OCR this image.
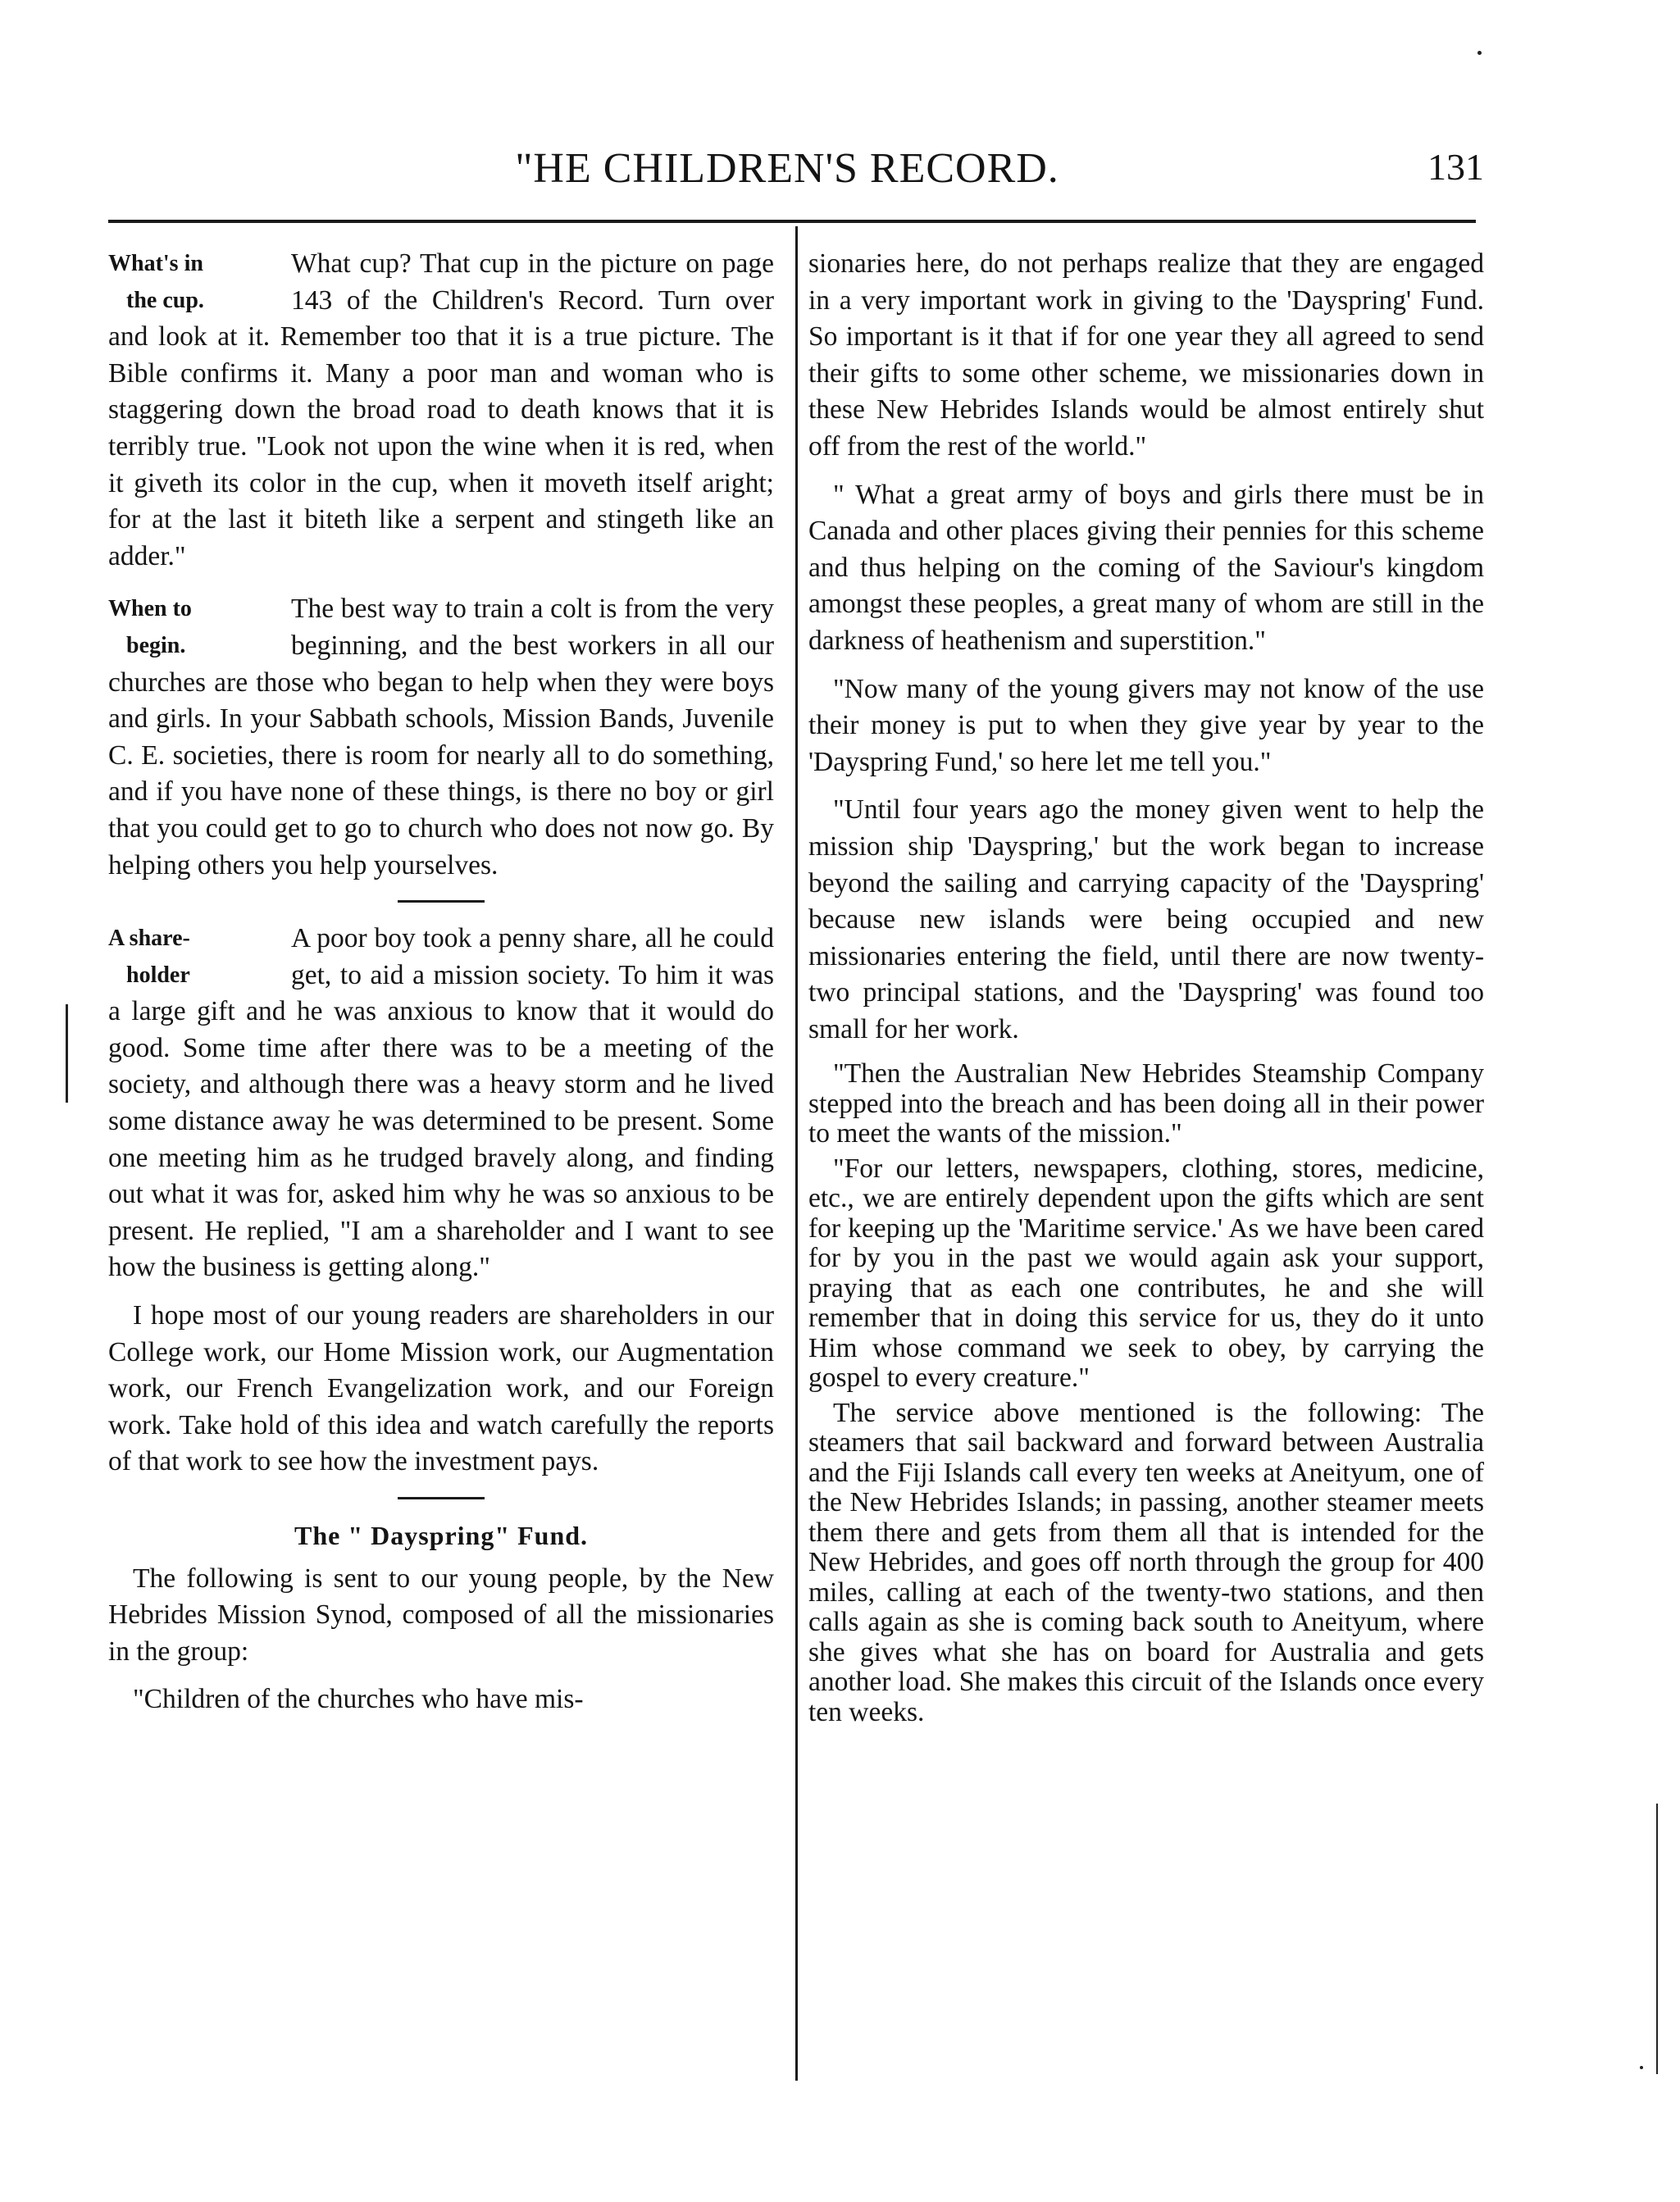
"HE CHILDREN'S RECORD.	131
What's in
the cup.
What cup? That cup in the picture on page 143 of the Children's Record. Turn over and look at it. Remember too that it is a true picture. The Bible confirms it. Many a poor man and woman who is staggering down the broad road to death knows that it is terribly true. "Look not upon the wine when it is red, when it giveth its color in the cup, when it moveth itself aright; for at the last it biteth like a serpent and stingeth like an adder."
When to
begin.
The best way to train a colt is from the very beginning, and the best workers in all our churches are those who began to help when they were boys and girls. In your Sabbath schools, Mission Bands, Juvenile C. E. societies, there is room for nearly all to do something, and if you have none of these things, is there no boy or girl that you could get to go to church who does not now go. By helping others you help yourselves.
A share-
holder
A poor boy took a penny share, all he could get, to aid a mission society. To him it was a large gift and he was anxious to know that it would do good. Some time after there was to be a meeting of the society, and although there was a heavy storm and he lived some distance away he was determined to be present. Some one meeting him as he trudged bravely along, and finding out what it was for, asked him why he was so anxious to be present. He replied, "I am a shareholder and I want to see how the business is getting along."
I hope most of our young readers are shareholders in our College work, our Home Mission work, our Augmentation work, our French Evangelization work, and our Foreign work. Take hold of this idea and watch carefully the reports of that work to see how the investment pays.
The " Dayspring" Fund.
The following is sent to our young people, by the New Hebrides Mission Synod, composed of all the missionaries in the group:
"Children of the churches who have mis-
sionaries here, do not perhaps realize that they are engaged in a very important work in giving to the 'Dayspring' Fund. So important is it that if for one year they all agreed to send their gifts to some other scheme, we missionaries down in these New Hebrides Islands would be almost entirely shut off from the rest of the world."
" What a great army of boys and girls there must be in Canada and other places giving their pennies for this scheme and thus helping on the coming of the Saviour's kingdom amongst these peoples, a great many of whom are still in the darkness of heathenism and superstition."
"Now many of the young givers may not know of the use their money is put to when they give year by year to the 'Dayspring Fund,' so here let me tell you."
"Until four years ago the money given went to help the mission ship 'Dayspring,' but the work began to increase beyond the sailing and carrying capacity of the 'Dayspring' because new islands were being occupied and new missionaries entering the field, until there are now twenty-two principal stations, and the 'Dayspring' was found too small for her work.
"Then the Australian New Hebrides Steamship Company stepped into the breach and has been doing all in their power to meet the wants of the mission."
"For our letters, newspapers, clothing, stores, medicine, etc., we are entirely dependent upon the gifts which are sent for keeping up the 'Maritime service.' As we have been cared for by you in the past we would again ask your support, praying that as each one contributes, he and she will remember that in doing this service for us, they do it unto Him whose command we seek to obey, by carrying the gospel to every creature."
The service above mentioned is the following: The steamers that sail backward and forward between Australia and the Fiji Islands call every ten weeks at Aneityum, one of the New Hebrides Islands; in passing, another steamer meets them there and gets from them all that is intended for the New Hebrides, and goes off north through the group for 400 miles, calling at each of the twenty-two stations, and then calls again as she is coming back south to Aneityum, where she gives what she has on board for Australia and gets another load. She makes this circuit of the Islands once every ten weeks.
